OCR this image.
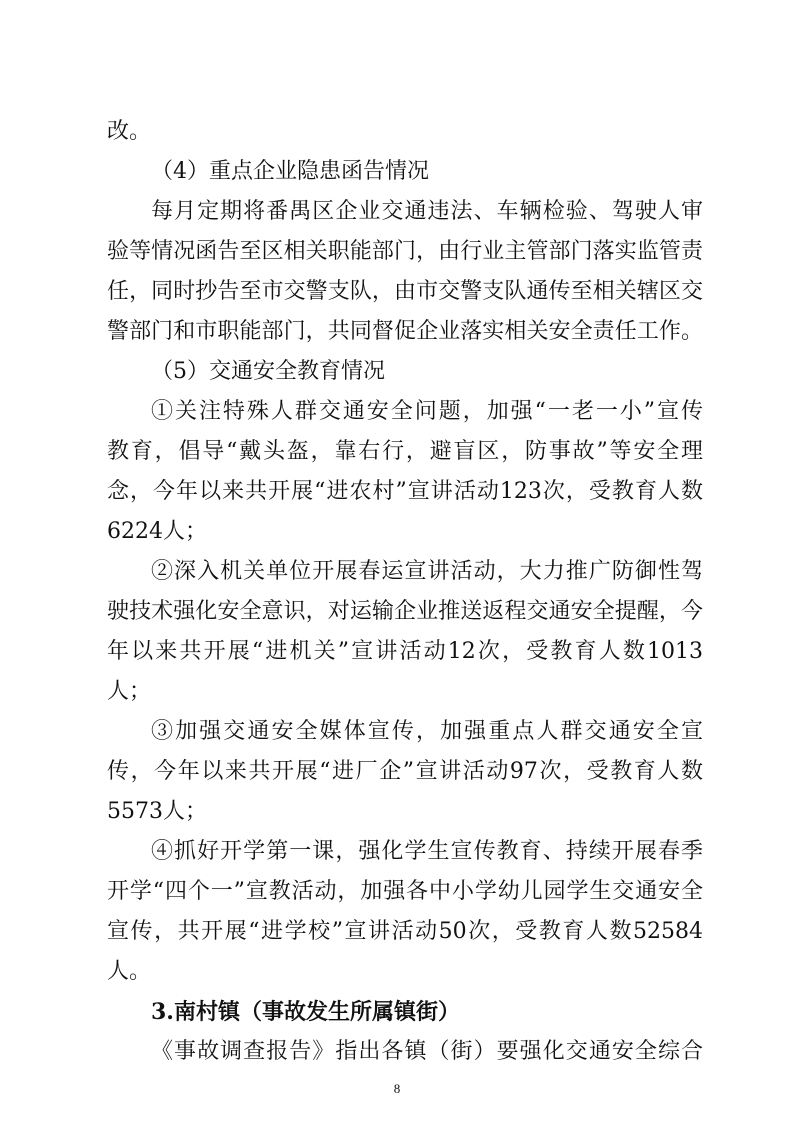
改。
（4）重点企业隐患函告情况
每月定期将番禺区企业交通违法、车辆检验、驾驶人审
验等情况函告至区相关职能部门，由行业主管部门落实监管责
任，同时抄告至市交警支队，由市交警支队通传至相关辖区交
警部门和市职能部门，共同督促企业落实相关安全责任工作。
（5）交通安全教育情况
①关注特殊人群交通安全问题，加强“一老一小”宣传
教育，倡导“戴头盔，靠右行，避盲区，防事故”等安全理
念，今年以来共开展“进农村”宣讲活动123次，受教育人数
6224人；
②深入机关单位开展春运宣讲活动，大力推广防御性驾
驶技术强化安全意识，对运输企业推送返程交通安全提醒，今
年以来共开展“进机关”宣讲活动12次，受教育人数1013
人；
③加强交通安全媒体宣传，加强重点人群交通安全宣
传，今年以来共开展“进厂企”宣讲活动97次，受教育人数
5573人；
④抓好开学第一课，强化学生宣传教育、持续开展春季
开学“四个一”宣教活动，加强各中小学幼儿园学生交通安全
宣传，共开展“进学校”宣讲活动50次，受教育人数52584
人。
3.南村镇（事故发生所属镇街）
《事故调查报告》指出各镇（街）要强化交通安全综合
8
